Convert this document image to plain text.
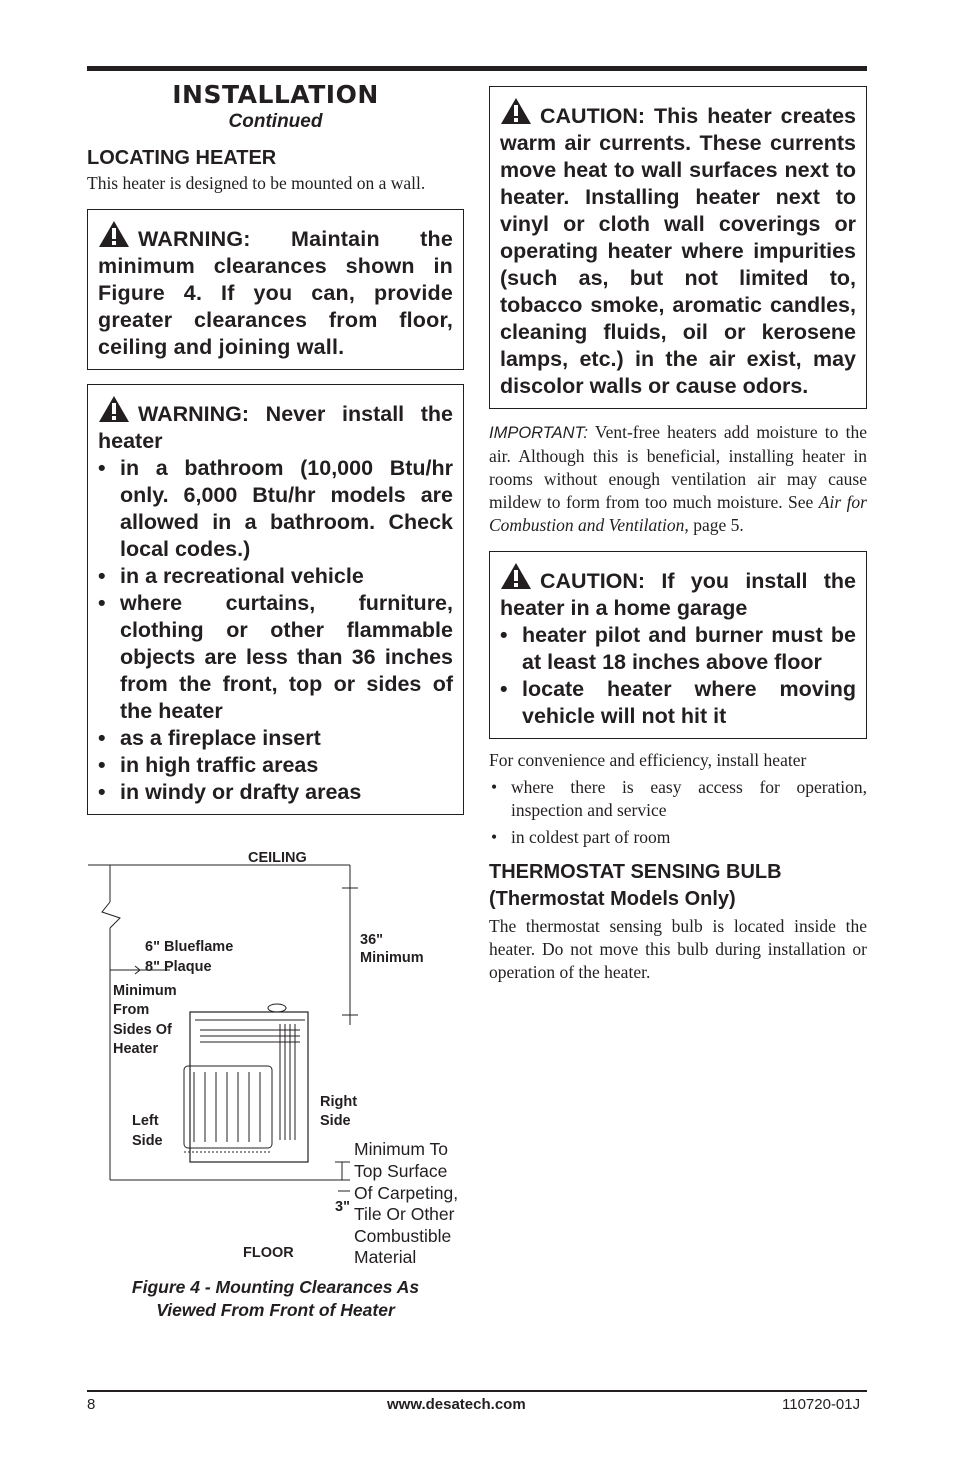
INSTALLATION
Continued
LOCATING HEATER
This heater is designed to be mounted on a wall.
WARNING: Maintain the minimum clearances shown in Figure 4. If you can, provide greater clearances from floor, ceiling and joining wall.
WARNING: Never install the heater
• in a bathroom (10,000 Btu/hr only. 6,000 Btu/hr models are allowed in a bathroom. Check local codes.)
• in a recreational vehicle
• where curtains, furniture, clothing or other flammable objects are less than 36 inches from the front, top or sides of the heater
• as a fireplace insert
• in high traffic areas
• in windy or drafty areas
CEILING
6" Blueflame
8" Plaque
Minimum
From
Sides Of
Heater
36"
Minimum
Left
Side
Right
Side
3"
FLOOR
Minimum To
Top Surface
Of Carpeting,
Tile Or Other
Combustible
Material
Figure 4 - Mounting Clearances As
Viewed From Front of Heater
CAUTION: This heater creates warm air currents. These currents move heat to wall surfaces next to heater. Installing heater next to vinyl or cloth wall coverings or operating heater where impurities (such as, but not limited to, tobacco smoke, aromatic candles, cleaning fluids, oil or kerosene lamps, etc.) in the air exist, may discolor walls or cause odors.
IMPORTANT: Vent-free heaters add moisture to the air. Although this is beneficial, installing heater in rooms without enough ventilation air may cause mildew to form from too much moisture. See Air for Combustion and Ventilation, page 5.
CAUTION: If you install the heater in a home garage
• heater pilot and burner must be at least 18 inches above floor
• locate heater where moving vehicle will not hit it
For convenience and efficiency, install heater
• where there is easy access for operation, inspection and service
• in coldest part of room
THERMOSTAT SENSING BULB
(Thermostat Models Only)
The thermostat sensing bulb is located inside the heater. Do not move this bulb during installation or operation of the heater.
8	www.desatech.com	110720-01J
